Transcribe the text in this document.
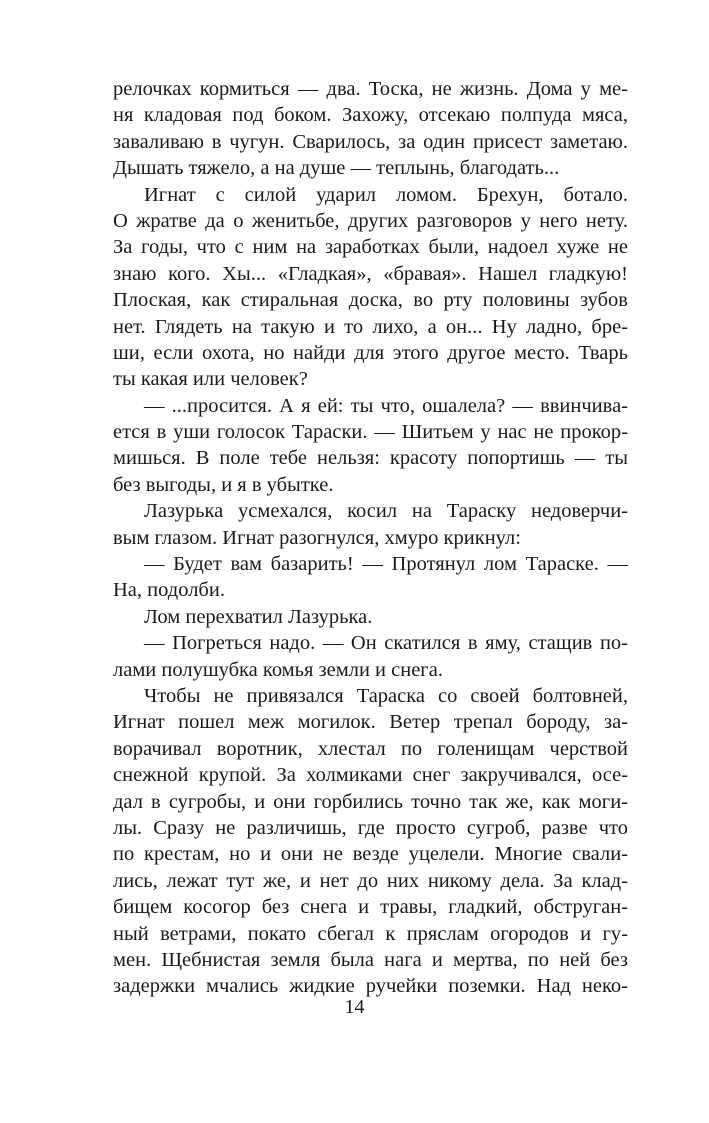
релочках кормиться — два. Тоска, не жизнь. Дома у ме-
ня кладовая под боком. Захожу, отсекаю полпуда мяса,
заваливаю в чугун. Сварилось, за один присест заметаю.
Дышать тяжело, а на душе — теплынь, благодать...
Игнат с силой ударил ломом. Брехун, ботало.
О жратве да о женитьбе, других разговоров у него нету.
За годы, что с ним на заработках были, надоел хуже не
знаю кого. Хы... «Гладкая», «бравая». Нашел гладкую!
Плоская, как стиральная доска, во рту половины зубов
нет. Глядеть на такую и то лихо, а он... Ну ладно, бре-
ши, если охота, но найди для этого другое место. Тварь
ты какая или человек?
— ...просится. А я ей: ты что, ошалела? — ввинчива-
ется в уши голосок Тараски. — Шитьем у нас не прокор-
мишься. В поле тебе нельзя: красоту попортишь — ты
без выгоды, и я в убытке.
Лазурька усмехался, косил на Тараску недоверчи-
вым глазом. Игнат разогнулся, хмуро крикнул:
— Будет вам базарить! — Протянул лом Тараске. —
На, подолби.
Лом перехватил Лазурька.
— Погреться надо. — Он скатился в яму, стащив по-
лами полушубка комья земли и снега.
Чтобы не привязался Тараска со своей болтовней,
Игнат пошел меж могилок. Ветер трепал бороду, за-
ворачивал воротник, хлестал по голенищам черствой
снежной крупой. За холмиками снег закручивался, осе-
дал в сугробы, и они горбились точно так же, как моги-
лы. Сразу не различишь, где просто сугроб, разве что
по крестам, но и они не везде уцелели. Многие свали-
лись, лежат тут же, и нет до них никому дела. За клад-
бищем косогор без снега и травы, гладкий, обструган-
ный ветрами, покато сбегал к пряслам огородов и гу-
мен. Щебнистая земля была нага и мертва, по ней без
задержки мчались жидкие ручейки поземки. Над неко-
14
